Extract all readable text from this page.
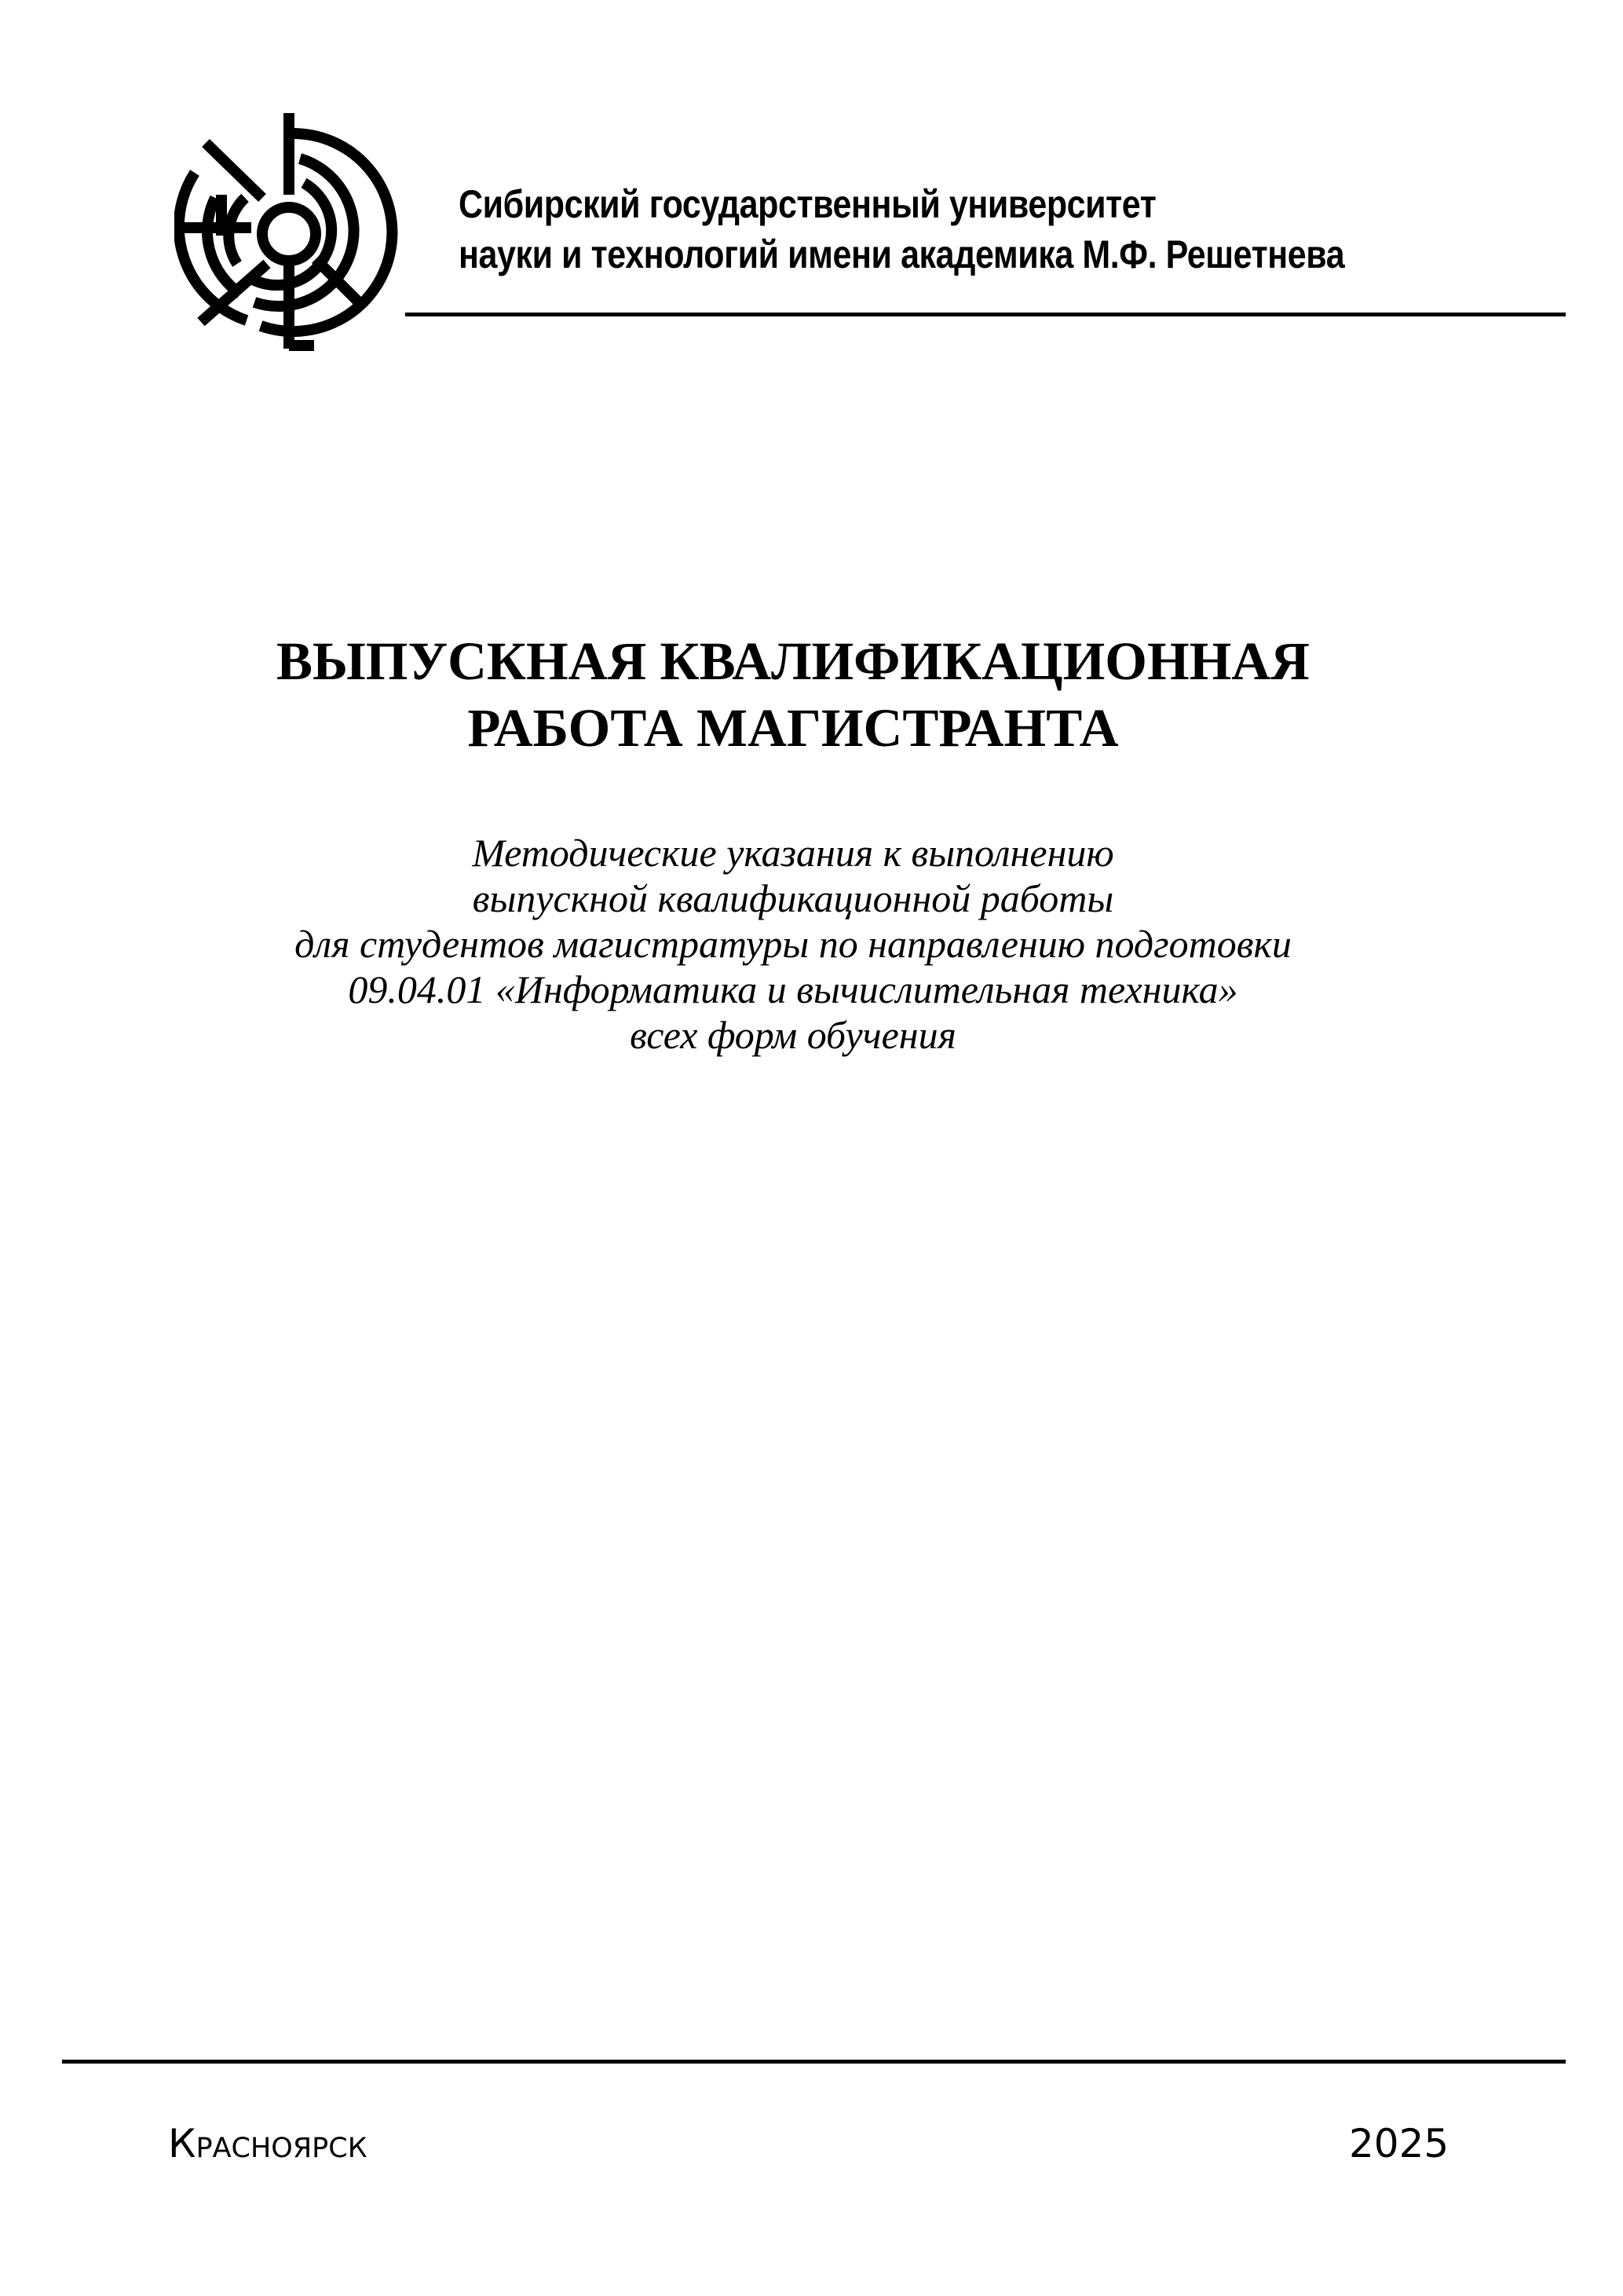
Сибирский государственный университет
науки и технологий имени академика М.Ф. Решетнева
ВЫПУСКНАЯ КВАЛИФИКАЦИОННАЯ
РАБОТА МАГИСТРАНТА
Методические указания к выполнению
выпускной квалификационной работы
для студентов магистратуры по направлению подготовки
09.04.01 «Информатика и вычислительная техника»
всех форм обучения
Красноярск	2025
